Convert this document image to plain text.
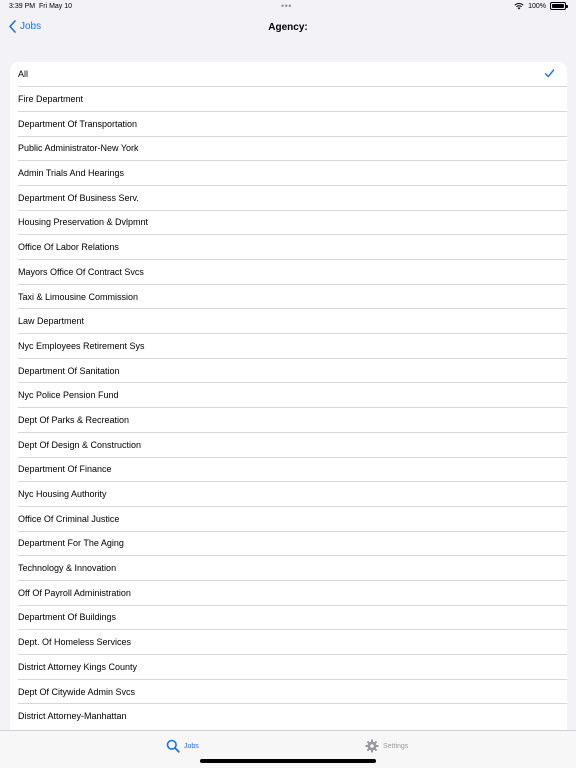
3:39 PM Fri May 10	•••	100%
Jobs	Agency:
All
Fire Department
Department Of Transportation
Public Administrator-New York
Admin Trials And Hearings
Department Of Business Serv.
Housing Preservation & Dvlpmnt
Office Of Labor Relations
Mayors Office Of Contract Svcs
Taxi & Limousine Commission
Law Department
Nyc Employees Retirement Sys
Department Of Sanitation
Nyc Police Pension Fund
Dept Of Parks & Recreation
Dept Of Design & Construction
Department Of Finance
Nyc Housing Authority
Office Of Criminal Justice
Department For The Aging
Technology & Innovation
Off Of Payroll Administration
Department Of Buildings
Dept. Of Homeless Services
District Attorney Kings County
Dept Of Citywide Admin Svcs
District Attorney-Manhattan
Jobs	Settings
